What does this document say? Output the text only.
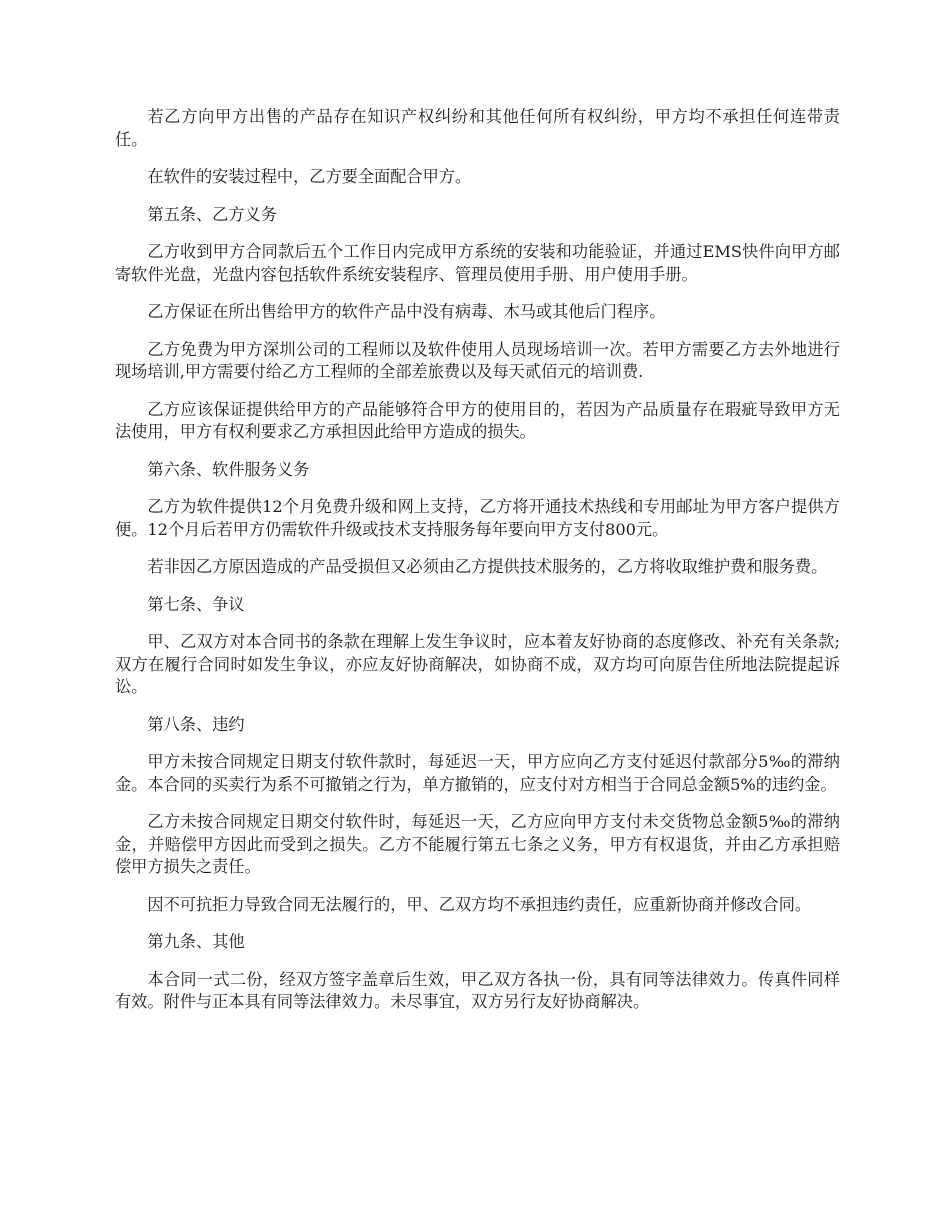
若乙方向甲方出售的产品存在知识产权纠纷和其他任何所有权纠纷，甲方均不承担任何连带责任。

在软件的安装过程中，乙方要全面配合甲方。

第五条、乙方义务

乙方收到甲方合同款后五个工作日内完成甲方系统的安装和功能验证，并通过EMS快件向甲方邮寄软件光盘，光盘内容包括软件系统安装程序、管理员使用手册、用户使用手册。

乙方保证在所出售给甲方的软件产品中没有病毒、木马或其他后门程序。

乙方免费为甲方深圳公司的工程师以及软件使用人员现场培训一次。若甲方需要乙方去外地进行现场培训,甲方需要付给乙方工程师的全部差旅费以及每天贰佰元的培训费.

乙方应该保证提供给甲方的产品能够符合甲方的使用目的，若因为产品质量存在瑕疵导致甲方无法使用，甲方有权利要求乙方承担因此给甲方造成的损失。

第六条、软件服务义务

乙方为软件提供12个月免费升级和网上支持，乙方将开通技术热线和专用邮址为甲方客户提供方便。12个月后若甲方仍需软件升级或技术支持服务每年要向甲方支付800元。

若非因乙方原因造成的产品受损但又必须由乙方提供技术服务的，乙方将收取维护费和服务费。

第七条、争议

甲、乙双方对本合同书的条款在理解上发生争议时，应本着友好协商的态度修改、补充有关条款;双方在履行合同时如发生争议，亦应友好协商解决，如协商不成，双方均可向原告住所地法院提起诉讼。

第八条、违约

甲方未按合同规定日期支付软件款时，每延迟一天，甲方应向乙方支付延迟付款部分5‰的滞纳金。本合同的买卖行为系不可撤销之行为，单方撤销的，应支付对方相当于合同总金额5%的违约金。

乙方未按合同规定日期交付软件时，每延迟一天，乙方应向甲方支付未交货物总金额5‰的滞纳金，并赔偿甲方因此而受到之损失。乙方不能履行第五七条之义务，甲方有权退货，并由乙方承担赔偿甲方损失之责任。

因不可抗拒力导致合同无法履行的，甲、乙双方均不承担违约责任，应重新协商并修改合同。

第九条、其他

本合同一式二份，经双方签字盖章后生效，甲乙双方各执一份，具有同等法律效力。传真件同样有效。附件与正本具有同等法律效力。未尽事宜，双方另行友好协商解决。
